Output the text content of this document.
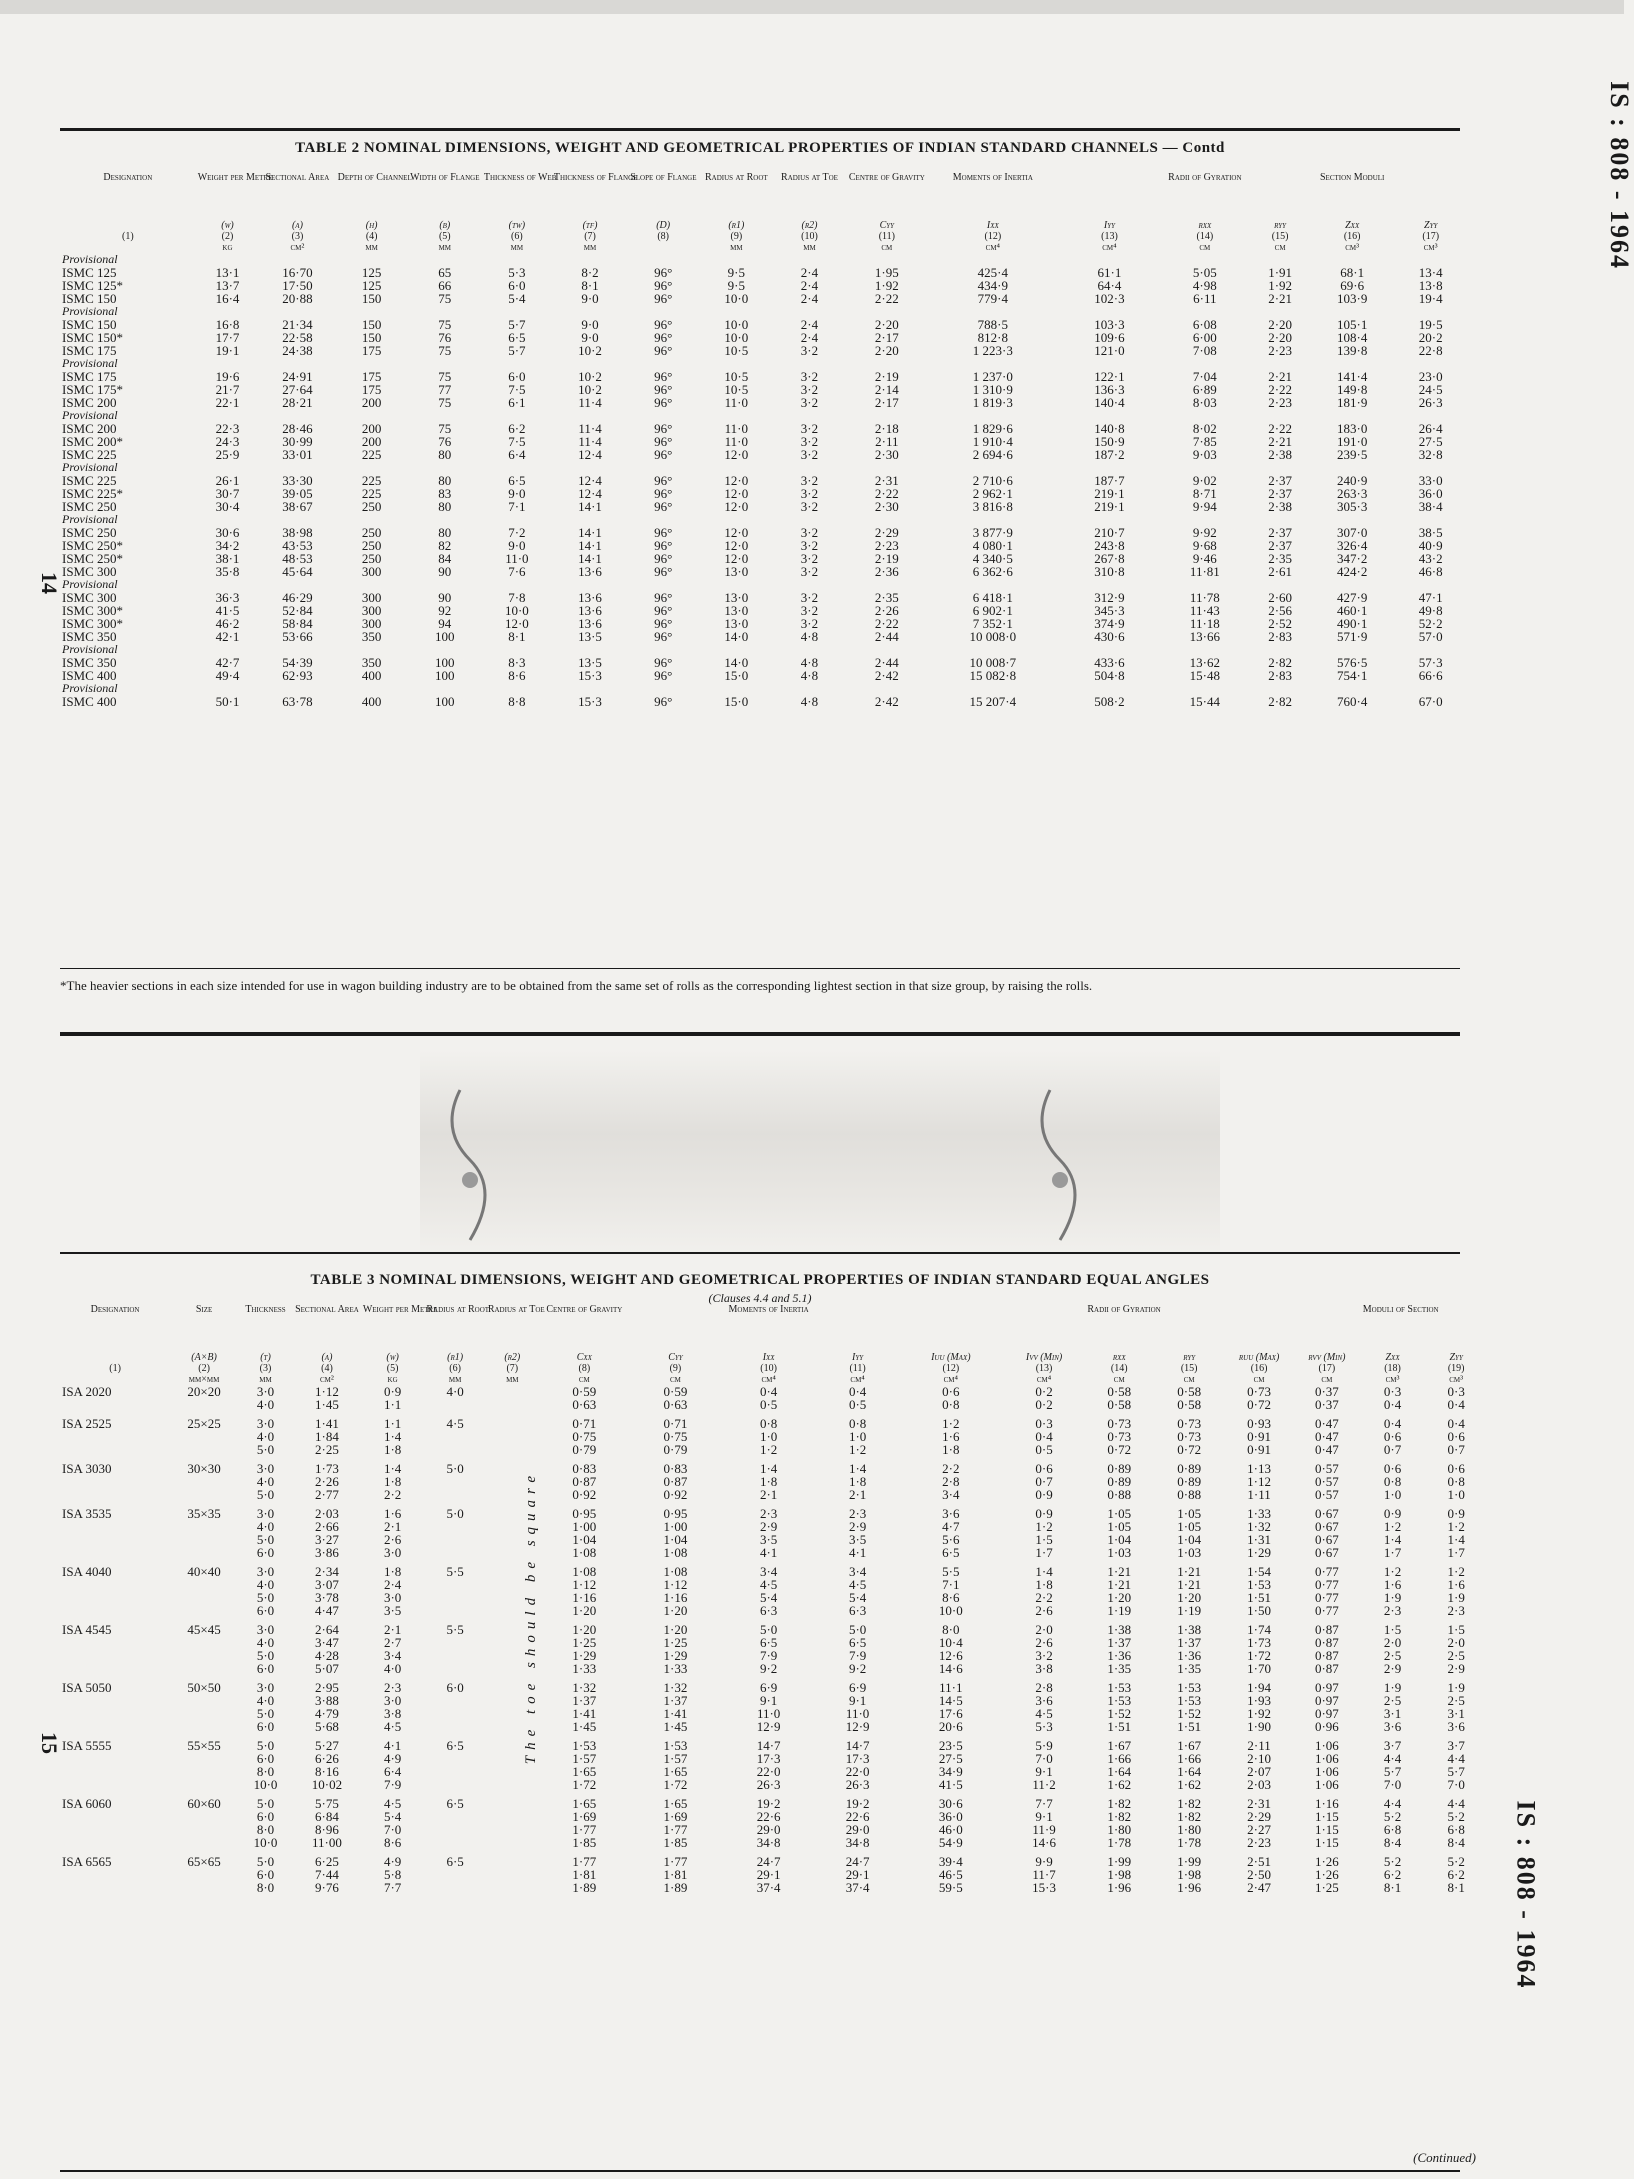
IS : 808 - 1964
IS : 808 - 1964
14
15
TABLE 2 NOMINAL DIMENSIONS, WEIGHT AND GEOMETRICAL PROPERTIES OF INDIAN STANDARD CHANNELS — Contd
Designation	Weight per Metre	Sectional Area	Depth of Channel	Width of Flange	Thickness of Web	Thickness of Flange	Slope of Flange	Radius at Root	Radius at Toe	Centre of Gravity	Moments of Inertia		Radii of Gyration		Section Moduli	
	(w)	(a)	(h)	(b)	(tw)	(tf)	(D)	(r1)	(r2)	Cyy	Ixx	Iyy	rxx	ryy	Zxx	Zyy
(1)	(2)	(3)	(4)	(5)	(6)	(7)	(8)	(9)	(10)	(11)	(12)	(13)	(14)	(15)	(16)	(17)
	kg	cm²	mm	mm	mm	mm		mm	mm	cm	cm⁴	cm⁴	cm	cm	cm³	cm³
Provisional																
ISMC 125	13·1	16·70	125	65	5·3	8·2	96°	9·5	2·4	1·95	425·4	61·1	5·05	1·91	68·1	13·4
ISMC 125*	13·7	17·50	125	66	6·0	8·1	96°	9·5	2·4	1·92	434·9	64·4	4·98	1·92	69·6	13·8
ISMC 150	16·4	20·88	150	75	5·4	9·0	96°	10·0	2·4	2·22	779·4	102·3	6·11	2·21	103·9	19·4
Provisional																
ISMC 150	16·8	21·34	150	75	5·7	9·0	96°	10·0	2·4	2·20	788·5	103·3	6·08	2·20	105·1	19·5
ISMC 150*	17·7	22·58	150	76	6·5	9·0	96°	10·0	2·4	2·17	812·8	109·6	6·00	2·20	108·4	20·2
ISMC 175	19·1	24·38	175	75	5·7	10·2	96°	10·5	3·2	2·20	1 223·3	121·0	7·08	2·23	139·8	22·8
Provisional																
ISMC 175	19·6	24·91	175	75	6·0	10·2	96°	10·5	3·2	2·19	1 237·0	122·1	7·04	2·21	141·4	23·0
ISMC 175*	21·7	27·64	175	77	7·5	10·2	96°	10·5	3·2	2·14	1 310·9	136·3	6·89	2·22	149·8	24·5
ISMC 200	22·1	28·21	200	75	6·1	11·4	96°	11·0	3·2	2·17	1 819·3	140·4	8·03	2·23	181·9	26·3
Provisional																
ISMC 200	22·3	28·46	200	75	6·2	11·4	96°	11·0	3·2	2·18	1 829·6	140·8	8·02	2·22	183·0	26·4
ISMC 200*	24·3	30·99	200	76	7·5	11·4	96°	11·0	3·2	2·11	1 910·4	150·9	7·85	2·21	191·0	27·5
ISMC 225	25·9	33·01	225	80	6·4	12·4	96°	12·0	3·2	2·30	2 694·6	187·2	9·03	2·38	239·5	32·8
Provisional																
ISMC 225	26·1	33·30	225	80	6·5	12·4	96°	12·0	3·2	2·31	2 710·6	187·7	9·02	2·37	240·9	33·0
ISMC 225*	30·7	39·05	225	83	9·0	12·4	96°	12·0	3·2	2·22	2 962·1	219·1	8·71	2·37	263·3	36·0
ISMC 250	30·4	38·67	250	80	7·1	14·1	96°	12·0	3·2	2·30	3 816·8	219·1	9·94	2·38	305·3	38·4
Provisional																
ISMC 250	30·6	38·98	250	80	7·2	14·1	96°	12·0	3·2	2·29	3 877·9	210·7	9·92	2·37	307·0	38·5
ISMC 250*	34·2	43·53	250	82	9·0	14·1	96°	12·0	3·2	2·23	4 080·1	243·8	9·68	2·37	326·4	40·9
ISMC 250*	38·1	48·53	250	84	11·0	14·1	96°	12·0	3·2	2·19	4 340·5	267·8	9·46	2·35	347·2	43·2
ISMC 300	35·8	45·64	300	90	7·6	13·6	96°	13·0	3·2	2·36	6 362·6	310·8	11·81	2·61	424·2	46·8
Provisional																
ISMC 300	36·3	46·29	300	90	7·8	13·6	96°	13·0	3·2	2·35	6 418·1	312·9	11·78	2·60	427·9	47·1
ISMC 300*	41·5	52·84	300	92	10·0	13·6	96°	13·0	3·2	2·26	6 902·1	345·3	11·43	2·56	460·1	49·8
ISMC 300*	46·2	58·84	300	94	12·0	13·6	96°	13·0	3·2	2·22	7 352·1	374·9	11·18	2·52	490·1	52·2
ISMC 350	42·1	53·66	350	100	8·1	13·5	96°	14·0	4·8	2·44	10 008·0	430·6	13·66	2·83	571·9	57·0
Provisional																
ISMC 350	42·7	54·39	350	100	8·3	13·5	96°	14·0	4·8	2·44	10 008·7	433·6	13·62	2·82	576·5	57·3
ISMC 400	49·4	62·93	400	100	8·6	15·3	96°	15·0	4·8	2·42	15 082·8	504·8	15·48	2·83	754·1	66·6
Provisional																
ISMC 400	50·1	63·78	400	100	8·8	15·3	96°	15·0	4·8	2·42	15 207·4	508·2	15·44	2·82	760·4	67·0
*The heavier sections in each size intended for use in wagon building industry are to be obtained from the same set of rolls as the corresponding lightest section in that size group, by raising the rolls.
TABLE 3 NOMINAL DIMENSIONS, WEIGHT AND GEOMETRICAL PROPERTIES OF INDIAN STANDARD EQUAL ANGLES
(Clauses 4.4 and 5.1)
Designation	Size	Thickness	Sectional Area	Weight per Metre	Radius at Root	Radius at Toe	Centre of Gravity		Moments of Inertia				Radii of Gyration				Moduli of Section	
	(A×B)	(t)	(a)	(w)	(r1)	(r2)	Cxx	Cyy	Ixx	Iyy	Iuu (Max)	Ivv (Min)	rxx	ryy	ruu (Max)	rvv (Min)	Zxx	Zyy
(1)	(2)	(3)	(4)	(5)	(6)	(7)	(8)	(9)	(10)	(11)	(12)	(13)	(14)	(15)	(16)	(17)	(18)	(19)
	mm×mm	mm	cm²	kg	mm	mm	cm	cm	cm⁴	cm⁴	cm⁴	cm⁴	cm	cm	cm	cm	cm³	cm³
ISA 2020	20×20	3·0	1·12	0·9	4·0		0·59	0·59	0·4	0·4	0·6	0·2	0·58	0·58	0·73	0·37	0·3	0·3
		4·0	1·45	1·1			0·63	0·63	0·5	0·5	0·8	0·2	0·58	0·58	0·72	0·37	0·4	0·4

ISA 2525	25×25	3·0	1·41	1·1	4·5		0·71	0·71	0·8	0·8	1·2	0·3	0·73	0·73	0·93	0·47	0·4	0·4
		4·0	1·84	1·4			0·75	0·75	1·0	1·0	1·6	0·4	0·73	0·73	0·91	0·47	0·6	0·6
		5·0	2·25	1·8			0·79	0·79	1·2	1·2	1·8	0·5	0·72	0·72	0·91	0·47	0·7	0·7

ISA 3030	30×30	3·0	1·73	1·4	5·0		0·83	0·83	1·4	1·4	2·2	0·6	0·89	0·89	1·13	0·57	0·6	0·6
		4·0	2·26	1·8			0·87	0·87	1·8	1·8	2·8	0·7	0·89	0·89	1·12	0·57	0·8	0·8
		5·0	2·77	2·2			0·92	0·92	2·1	2·1	3·4	0·9	0·88	0·88	1·11	0·57	1·0	1·0

ISA 3535	35×35	3·0	2·03	1·6	5·0		0·95	0·95	2·3	2·3	3·6	0·9	1·05	1·05	1·33	0·67	0·9	0·9
		4·0	2·66	2·1			1·00	1·00	2·9	2·9	4·7	1·2	1·05	1·05	1·32	0·67	1·2	1·2
		5·0	3·27	2·6			1·04	1·04	3·5	3·5	5·6	1·5	1·04	1·04	1·31	0·67	1·4	1·4
		6·0	3·86	3·0			1·08	1·08	4·1	4·1	6·5	1·7	1·03	1·03	1·29	0·67	1·7	1·7

ISA 4040	40×40	3·0	2·34	1·8	5·5		1·08	1·08	3·4	3·4	5·5	1·4	1·21	1·21	1·54	0·77	1·2	1·2
		4·0	3·07	2·4			1·12	1·12	4·5	4·5	7·1	1·8	1·21	1·21	1·53	0·77	1·6	1·6
		5·0	3·78	3·0			1·16	1·16	5·4	5·4	8·6	2·2	1·20	1·20	1·51	0·77	1·9	1·9
		6·0	4·47	3·5			1·20	1·20	6·3	6·3	10·0	2·6	1·19	1·19	1·50	0·77	2·3	2·3

ISA 4545	45×45	3·0	2·64	2·1	5·5		1·20	1·20	5·0	5·0	8·0	2·0	1·38	1·38	1·74	0·87	1·5	1·5
		4·0	3·47	2·7			1·25	1·25	6·5	6·5	10·4	2·6	1·37	1·37	1·73	0·87	2·0	2·0
		5·0	4·28	3·4			1·29	1·29	7·9	7·9	12·6	3·2	1·36	1·36	1·72	0·87	2·5	2·5
		6·0	5·07	4·0			1·33	1·33	9·2	9·2	14·6	3·8	1·35	1·35	1·70	0·87	2·9	2·9

ISA 5050	50×50	3·0	2·95	2·3	6·0		1·32	1·32	6·9	6·9	11·1	2·8	1·53	1·53	1·94	0·97	1·9	1·9
		4·0	3·88	3·0			1·37	1·37	9·1	9·1	14·5	3·6	1·53	1·53	1·93	0·97	2·5	2·5
		5·0	4·79	3·8			1·41	1·41	11·0	11·0	17·6	4·5	1·52	1·52	1·92	0·97	3·1	3·1
		6·0	5·68	4·5			1·45	1·45	12·9	12·9	20·6	5·3	1·51	1·51	1·90	0·96	3·6	3·6

ISA 5555	55×55	5·0	5·27	4·1	6·5		1·53	1·53	14·7	14·7	23·5	5·9	1·67	1·67	2·11	1·06	3·7	3·7
		6·0	6·26	4·9			1·57	1·57	17·3	17·3	27·5	7·0	1·66	1·66	2·10	1·06	4·4	4·4
		8·0	8·16	6·4			1·65	1·65	22·0	22·0	34·9	9·1	1·64	1·64	2·07	1·06	5·7	5·7
		10·0	10·02	7·9			1·72	1·72	26·3	26·3	41·5	11·2	1·62	1·62	2·03	1·06	7·0	7·0

ISA 6060	60×60	5·0	5·75	4·5	6·5		1·65	1·65	19·2	19·2	30·6	7·7	1·82	1·82	2·31	1·16	4·4	4·4
		6·0	6·84	5·4			1·69	1·69	22·6	22·6	36·0	9·1	1·82	1·82	2·29	1·15	5·2	5·2
		8·0	8·96	7·0			1·77	1·77	29·0	29·0	46·0	11·9	1·80	1·80	2·27	1·15	6·8	6·8
		10·0	11·00	8·6			1·85	1·85	34·8	34·8	54·9	14·6	1·78	1·78	2·23	1·15	8·4	8·4

ISA 6565	65×65	5·0	6·25	4·9	6·5		1·77	1·77	24·7	24·7	39·4	9·9	1·99	1·99	2·51	1·26	5·2	5·2
		6·0	7·44	5·8			1·81	1·81	29·1	29·1	46·5	11·7	1·98	1·98	2·50	1·26	6·2	6·2
		8·0	9·76	7·7			1·89	1·89	37·4	37·4	59·5	15·3	1·96	1·96	2·47	1·25	8·1	8·1

The toe should be square
(Continued)
